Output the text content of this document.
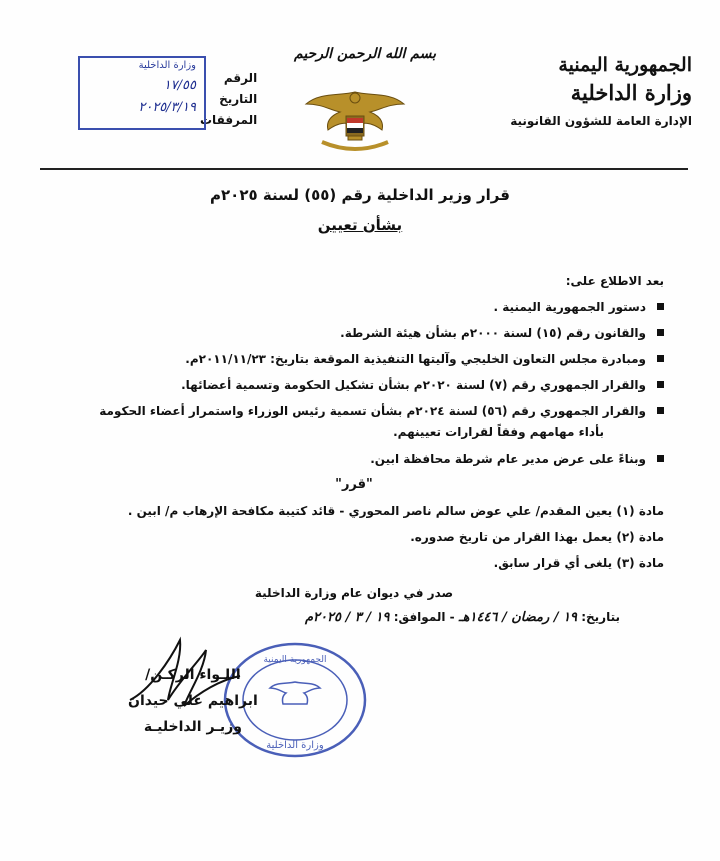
الجمهورية اليمنية
وزارة الداخلية
الإدارة العامة للشؤون القانونية
بسم الله الرحمن الرحيم
الرقم
التاريخ
المرفقات
وزارة الداخلية
١٧/٥٥
٢٠٢٥/٣/١٩
قرار وزير الداخلية رقم (٥٥) لسنة ٢٠٢٥م
بشأن تعيين
بعد الاطلاع على:
دستور الجمهورية اليمنية .
والقانون رقم (١٥) لسنة ٢٠٠٠م بشأن هيئة الشرطة.
ومبادرة مجلس التعاون الخليجي وآليتها التنفيذية الموقعة بتاريخ: ٢٠١١/١١/٢٣م.
والقرار الجمهوري رقم (٧) لسنة ٢٠٢٠م بشأن تشكيل الحكومة وتسمية أعضائها.
والقرار الجمهوري رقم (٥٦) لسنة ٢٠٢٤م بشأن تسمية رئيس الوزراء واستمرار أعضاء الحكومة
بأداء مهامهم وفقاً لقرارات تعيينهم.
وبناءً على عرض مدير عام شرطة محافظة ابين.
"قرر"
مادة (١) يعين المقدم/ علي عوض سالم ناصر المحوري - قائد كتيبة مكافحة الإرهاب م/ ابين .
مادة (٢) يعمل بهذا القرار من تاريخ صدوره.
مادة (٣) يلغى أي قرار سابق.
صدر في ديوان عام وزارة الداخلية
بتاريخ: ١٩ / رمضان / ١٤٤٦هـ - الموافق: ١٩ / ٣ / ٢٠٢٥م
الجمهورية اليمنية
وزارة الداخلية
اللـواء الركـن/
ابراهيم علي حيدان
وزيـر الداخليـة
